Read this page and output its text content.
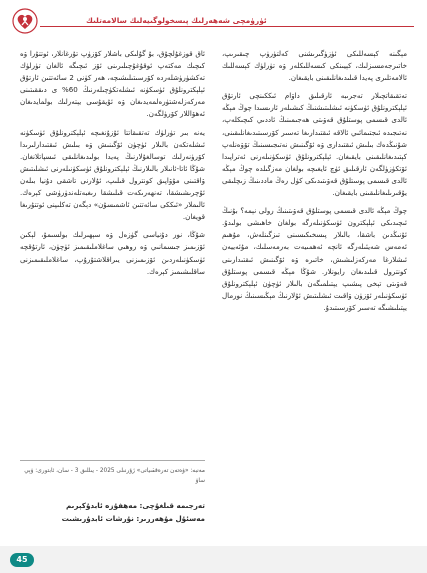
ئۈرۈمچى شەھەرلىك پىسخولوگىيەلىك سالامەتلىك

مېگىنە كېسەللىكى ئۈزۈگىرىشنى كەلتۈرۈپ چىقىرىپ، خاتىرجەمسىزلىك، كېيىنكى كىسەللىكلەر ۋە تۈرلۈك كېسەللىك ئالامەتلىرى پەيدا قىلىدىغانلىقىنى بايقىغان.

تەتقىقاتچىلار تەجرىبە ئارقىلىق داۋام ئىككىنچى ئارتۇق ئېلېكترونلۇق ئۈسكۈنە ئىشلىتىشنىڭ كىشىلەر ئارىسىدا چوڭ مېڭە ئالدى قىسمى پوستلۇق قەۋىتى ھەجىمىنىڭ ئاددىي كىچىكلەپ، نەتىجىدە ئىجتىمائىي ئالاقە ئىقتىدارىغا تەسىر كۆرسىتىدىغانلىقىنى، شۇنىڭدەك بىلىش ئىقتىدارى ۋە ئۆگىنىش نەتىجىسىنىڭ تۆۋەنلەپ كېتىدىغانلىقىنى بايقىغان. ئېلېكترونلۇق ئۈسكۈنىلەرنى ئەتراپىدا ئۆتكۈزۈلگەن ئارقىلىق ئۈچ ئايغىچە بولغان مەزگىلدە چوڭ مېڭە ئالدى قىسمى پوستلۇق قەۋىتىدىكى كۈل رەڭ ماددىنىڭ زىچلىقى يۇقىرىلىغانلىقىنى بايقىغان.

چوڭ مېڭە ئالدى قىسمى پوستلۇق قەۋىتىنىڭ رولى نېمە؟ بۇنىڭ ئىچىدىكى ئېلېكترون ئۈسكۈنىلەرگە بولغان خاھىشى بولىدۇ. ئۇنىڭدىن باشقا، بالىلار پىسخىكىسىنى تىزگىنلەش، مۇھىم ئەمەس شەيئىلەرگە ئانچە ئەھمىيەت بەرمەسلىك، مۇئەييەن ئىشلارغا مەركەزلىشىش، خاتىرە ۋە ئۆگىنىش ئىقتىدارىنى كونترول قىلىدىغان رايونلار. شۇڭا مېڭە قىسمى پوستلۇق قەۋىتى تېخى پىشىپ يېتىلمىگەن بالىلار ئۈچۈن ئېلېكترونلۇق ئۈسكۈنىلەر ئۆزۈن ۋاقىت ئىشلىتىش ئۇلارنىڭ مېڭىسىنىڭ نورمال يېتىلىشىگە تەسىر كۆرسىتىدۇ.

ئاق قوزغۇلچۇق، بۇ گۇلىكى باشلار كۆزۈپ تۇرغانلار، ئوتتۇرا ۋە كىچىك مەكتەپ ئوقۇغۇچىلىرىنى ئۆز ئىچىگە ئالغان تۈرلۈك تەكشۈرۈشلەردە كۆرسىتىلىشىچە، ھەر كۈنى 2 سائەتتىن ئارتۇق ئېلېكترونلۇق ئۈسكۈنە ئىشلەتكۈچىلەرنىڭ 60% ى دىققىتىنى مەركەزلەشتۈرەلمەيدىغان ۋە ئۇيقۇسى يېتەرلىك بولمايدىغان ئەھۋاللار كۆرۈلگەن.

يەنە بىر تۈرلۈك تەتقىقاتتا ئۇزۇنغىچە ئېلېكترونلۇق ئۈسكۈنە ئىشلەتكەن بالىلار ئۈچۈن ئۆگىنىش ۋە بىلىش ئىقتىدارلىرىدا كۆرۈنەرلىك توسالغۇلارنىڭ پەيدا بولىدىغانلىقى ئىسپاتلانغان. شۇڭا ئاتا-ئانىلار بالىلارنىڭ ئېلېكترونلۇق ئۈسكۈنىلەرنى ئىشلىتىش ۋاقتىنى مۇۋاپىق كونترول قىلىپ، ئۇلارنى تاشقى دۇنيا بىلەن ئۇچرىشىشقا، تەنھەرىكەت قىلىشقا رىغبەتلەندۈرۈشى كېرەك. ئالىملار «ئىككى سائەتتىن ئاشمىسۇن» دېگەن تەكلىپنى ئوتتۇرىغا قويغان.

شۇڭا، نور دۇنياسى گۈزەل ۋە سېھىرلىك بولسىمۇ، لېكىن ئۆزىمىز جىسمانىي ۋە روھىي ساغلاملىقىمىز ئۈچۈن، ئارتۇقچە ئۈسكۈنىلەردىن ئۆزىمىزنى يىراقلاشتۇرۇپ، ساغلاملىقىمىزنى ساقلىشىمىز كېرەك.

مەنبە: «ۋەتەن تەرەققىياتى» ژۇرنىلى 2025 - يىللىق 3 - سان، ئابتورى: ۋېي ساۋ
تەرجىمە قىلغۇچى: مەھفۇزە ئابدۇكېرىم
مەسئۇل مۇھەررىر: نۇرشات ئابدۇرىشىت
45
